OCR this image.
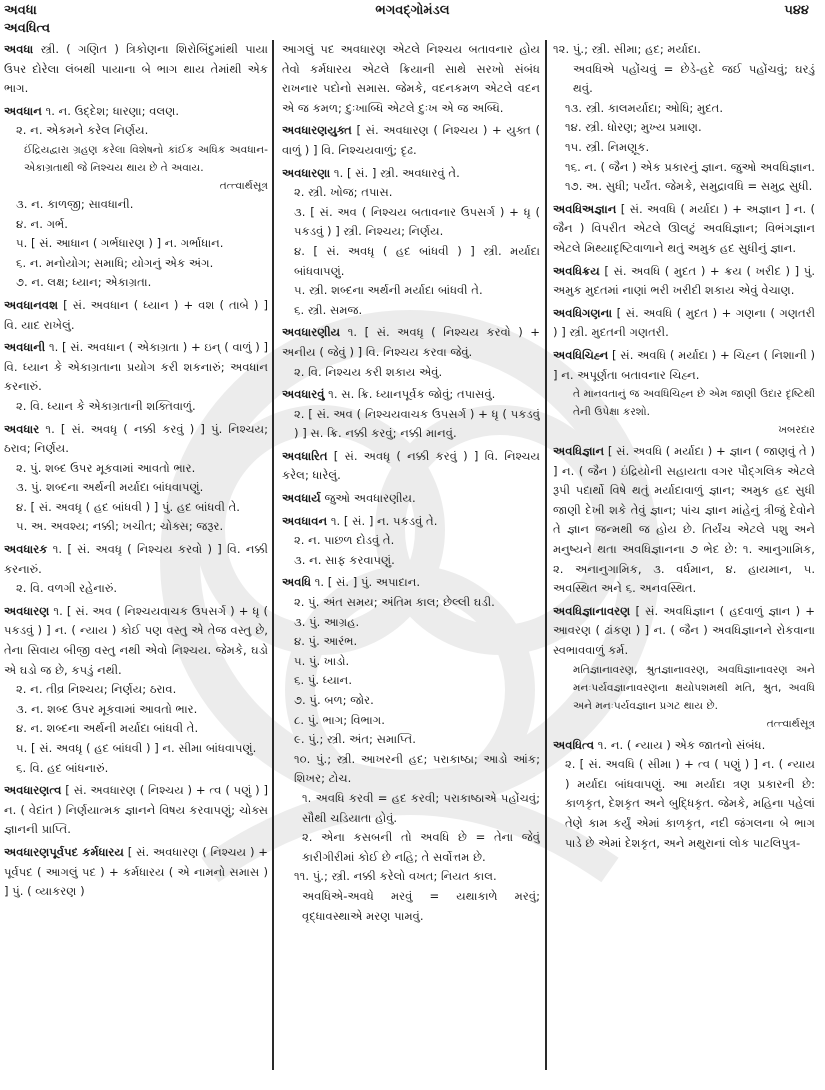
અવધા
અવધિત્વ
ભગવદ્ગોમંડલ	૫૪૪
અવધા સ્ત્રી. ( ગણિત ) ત્રિકોણના શિરોબિંદુમાંથી પાયા ઉપર દોરેલા લંબથી પાયાના બે ભાગ થાય તેમાંથી એક ભાગ.
અવધાન ૧. ન. ઉદ્દેશ; ધારણા; વલણ.
૨. ન. એકમને કરેલ નિર્ણય.
ઈંદ્રિયદ્વારા ગ્રહણ કરેલા વિશેષનો કાંઈક અધિક અવધાન-એકાગ્રતાથી જે નિશ્ચય થાય છે તે અવાય.
તત્ત્વાર્થસૂત્ર
૩. ન. કાળજી; સાવધાની.
૪. ન. ગર્ભ.
૫. [ સં. આધાન ( ગર્ભધારણ ) ] ન. ગર્ભાધાન.
૬. ન. મનોયોગ; સમાધિ; યોગનું એક અંગ.
૭. ન. લક્ષ; ધ્યાન; એકાગ્રતા.
અવધાનવશ [ સં. અવધાન ( ધ્યાન ) + વશ ( તાબે ) ] વિ. યાદ રાખેલું.
અવધાની ૧. [ સં. અવધાન ( એકાગ્રતા ) + ઇન્ ( વાળું ) ] વિ. ધ્યાન કે એકાગ્રતાના પ્રયોગ કરી શકનારું; અવધાન કરનારું.
૨. વિ. ધ્યાન કે એકાગ્રતાની શક્તિવાળું.
અવધાર ૧. [ સં. અવધૃ ( નક્કી કરવું ) ] પું. નિશ્ચય; ઠરાવ; નિર્ણય.
૨. પું. શબ્દ ઉપર મૂકવામાં આવતો ભાર.
૩. પું. શબ્દના અર્થની મર્યાદા બાંધવાપણું.
૪. [ સં. અવધૃ ( હદ બાંધવી ) ] પું. હદ બાંધવી તે.
૫. અ. અવશ્ય; નક્કી; ખચીત; ચોક્સ; જરૂર.
અવધારક ૧. [ સં. અવધૃ ( નિશ્ચય કરવો ) ] વિ. નક્કી કરનારું.
૨. વિ. વળગી રહેનારું.
અવધારણ ૧. [ સં. અવ ( નિશ્ચયવાચક ઉપસર્ગ ) + ધૃ ( પકડવું ) ] ન. ( ન્યાય ) કોઈ પણ વસ્તુ એ તેજ વસ્તુ છે, તેના સિવાય બીજી વસ્તુ નથી એવો નિશ્ચય. જેમકે, ઘડો એ ઘડો જ છે, કપડું નથી.
૨. ન. તીવ્ર નિશ્ચય; નિર્ણય; ઠરાવ.
૩. ન. શબ્દ ઉપર મૂકવામાં આવતો ભાર.
૪. ન. શબ્દના અર્થની મર્યાદા બાંધવી તે.
૫. [ સં. અવધૃ ( હદ બાંધવી ) ] ન. સીમા બાંધવાપણું.
૬. વિ. હદ બાંધનારું.
અવધારણત્વ [ સં. અવધારણ ( નિશ્ચય ) + ત્વ ( પણું ) ] ન. ( વેદાંત ) નિર્ણયાત્મક જ્ઞાનને વિષય કરવાપણું; ચોક્સ જ્ઞાનની પ્રાપ્તિ.
અવધારણપૂર્વપદ કર્મધારય [ સં. અવધારણ ( નિશ્ચય ) + પૂર્વપદ ( આગલું પદ ) + કર્મધારય ( એ નામનો સમાસ ) ] પું. ( વ્યાકરણ )
આગલું પદ અવધારણ એટલે નિશ્ચય બતાવનાર હોય તેવો કર્મધારય એટલે ક્રિયાની સાથે સરખો સંબંધ રાખનાર પદોનો સમાસ. જેમકે, વદનકમળ એટલે વદન એ જ કમળ; દુઃખાબ્ધિ એટલે દુઃખ એ જ અબ્ધિ.
અવધારણયુક્ત [ સં. અવધારણ ( નિશ્ચય ) + યુક્ત ( વાળું ) ] વિ. નિશ્ચયવાળું; દૃઢ.
અવધારણા ૧. [ સં. ] સ્ત્રી. અવધારવું તે.
૨. સ્ત્રી. ખોજ; તપાસ.
૩. [ સં. અવ ( નિશ્ચય બતાવનાર ઉપસર્ગ ) + ધૃ ( પકડવું ) ] સ્ત્રી. નિશ્ચય; નિર્ણય.
૪. [ સં. અવધૃ ( હદ બાંધવી ) ] સ્ત્રી. મર્યાદા બાંધવાપણું.
૫. સ્ત્રી. શબ્દના અર્થની મર્યાદા બાંધવી તે.
૬. સ્ત્રી. સમજ.
અવધારણીય ૧. [ સં. અવધૃ ( નિશ્ચય કરવો ) + અનીય ( જેવું ) ] વિ. નિશ્ચય કરવા જેવું.
૨. વિ. નિશ્ચય કરી શકાય એવું.
અવધારવું ૧. સ. ક્રિ. ધ્યાનપૂર્વક જોવું; તપાસવું.
૨. [ સં. અવ ( નિશ્ચયવાચક ઉપસર્ગ ) + ધૃ ( પકડવું ) ] સ. ક્રિ. નક્કી કરવું; નક્કી માનવું.
અવધારિત [ સં. અવધૃ ( નક્કી કરવું ) ] વિ. નિશ્ચય કરેલ; ધારેલું.
અવધાર્ય જુઓ અવધારણીય.
અવધાવન ૧. [ સં. ] ન. પકડવું તે.
૨. ન. પાછળ દોડવું તે.
૩. ન. સાફ કરવાપણું.
અવધિ ૧. [ સં. ] પું. અપાદાન.
૨. પું. અંત સમય; અંતિમ કાલ; છેલ્લી ઘડી.
૩. પું. આગ્રહ.
૪. પું. આરંભ.
૫. પું. ખાડો.
૬. પું. ધ્યાન.
૭. પું. બળ; જોર.
૮. પું. ભાગ; વિભાગ.
૯. પું.; સ્ત્રી. અંત; સમાપ્તિ.
૧૦. પું.; સ્ત્રી. આખરની હદ; પરાકાષ્ઠા; આડો આંક; શિખર; ટોચ.
૧. અવધિ કરવી = હદ કરવી; પરાકાષ્ઠાએ પહોંચવું; સૌથી ચડિયાતા હોવું.
૨. એના કસબની તો અવધિ છે = તેના જેવું કારીગીરીમાં કોઈ છે નહિ; તે સર્વોત્તમ છે.
૧૧. પું.; સ્ત્રી. નક્કી કરેલો વખત; નિયત કાલ.
અવધિએ-અવધે મરવું = યથાકાળે મરવું; વૃદ્ધાવસ્થાએ મરણ પામવું.
૧૨. પું.; સ્ત્રી. સીમા; હદ; મર્યાદા.
અવધિએ પહોંચવું = છેડે-હદે જઈ પહોંચવું; ઘરડું થવું.
૧૩. સ્ત્રી. કાલમર્યાદા; ઓધિ; મુદત.
૧૪. સ્ત્રી. ધોરણ; મુખ્ય પ્રમાણ.
૧૫. સ્ત્રી. નિમણૂક.
૧૬. ન. ( જૈન ) એક પ્રકારનું જ્ઞાન. જુઓ અવધિજ્ઞાન.
૧૭. અ. સુધી; પર્યંત. જેમકે, સમુદ્રાવધિ = સમુદ્ર સુધી.
અવધિઅજ્ઞાન [ સં. અવધિ ( મર્યાદા ) + અજ્ઞાન ] ન. ( જૈન ) વિપરીત એટલે ઊલટું અવધિજ્ઞાન; વિભંગજ્ઞાન એટલે મિથ્યાદૃષ્ટિવાળાને થતું અમુક હદ સુધીનું જ્ઞાન.
અવધિક્રય [ સં. અવધિ ( મુદત ) + ક્રય ( ખરીદ ) ] પું. અમુક મુદતમાં નાણાં ભરી ખરીદી શકાય એવું વેચાણ.
અવધિગણના [ સં. અવધિ ( મુદત ) + ગણના ( ગણતરી ) ] સ્ત્રી. મુદતની ગણતરી.
અવધિચિહ્ન [ સં. અવધિ ( મર્યાદા ) + ચિહ્ન ( નિશાની ) ] ન. અપૂર્ણતા બતાવનાર ચિહ્ન.
તે માનવતાનું જ અવધિચિહ્ન છે એમ જાણી ઉદાર દૃષ્ટિથી તેની ઉપેક્ષા કરશો.
ખબરદાર
અવધિજ્ઞાન [ સં. અવધિ ( મર્યાદા ) + જ્ઞાન ( જાણવું તે ) ] ન. ( જૈન ) ઇંદ્રિયોની સહાયતા વગર પૌદ્ગલિક એટલે રૂપી પદાર્થો વિષે થતું મર્યાદાવાળું જ્ઞાન; અમુક હદ સુધી જાણી દેખી શકે તેવું જ્ઞાન; પાંચ જ્ઞાન માંહેનું ત્રીજું દેવોને તે જ્ઞાન જન્મથી જ હોય છે. તિર્યંચ એટલે પશુ અને મનુષ્યને થતા અવધિજ્ઞાનના ૭ ભેદ છે: ૧. આનુગામિક, ૨. અનાનુગામિક, ૩. વર્ધમાન, ૪. હાયમાન, ૫. અવસ્થિત અને ૬. અનવસ્થિત.
અવધિજ્ઞાનાવરણ [ સં. અવધિજ્ઞાન ( હદવાળું જ્ઞાન ) + આવરણ ( ઢાંકણ ) ] ન. ( જૈન ) અવધિજ્ઞાનને રોકવાના સ્વભાવવાળું કર્મ.
મતિજ્ઞાનાવરણ, શ્રુતજ્ઞાનાવરણ, અવધિજ્ઞાનાવરણ અને મનઃપર્યવજ્ઞાનાવરણના ક્ષયોપશમથી મતિ, શ્રુત, અવધિ અને મનઃપર્યવજ્ઞાન પ્રગટ થાય છે.
તત્ત્વાર્થસૂત્ર
અવધિત્વ ૧. ન. ( ન્યાય ) એક જાતનો સંબંધ.
૨. [ સં. અવધિ ( સીમા ) + ત્વ ( પણું ) ] ન. ( ન્યાય ) મર્યાદા બાંધવાપણું. આ મર્યાદા ત્રણ પ્રકારની છે: કાળકૃત, દેશકૃત અને બુદ્ધિકૃત. જેમકે, મહિના પહેલાં તેણે કામ કર્યું એમાં કાળકૃત, નદી જંગલના બે ભાગ પાડે છે એમાં દેશકૃત, અને મથુરાનાં લોક પાટલિપુત્ર-
